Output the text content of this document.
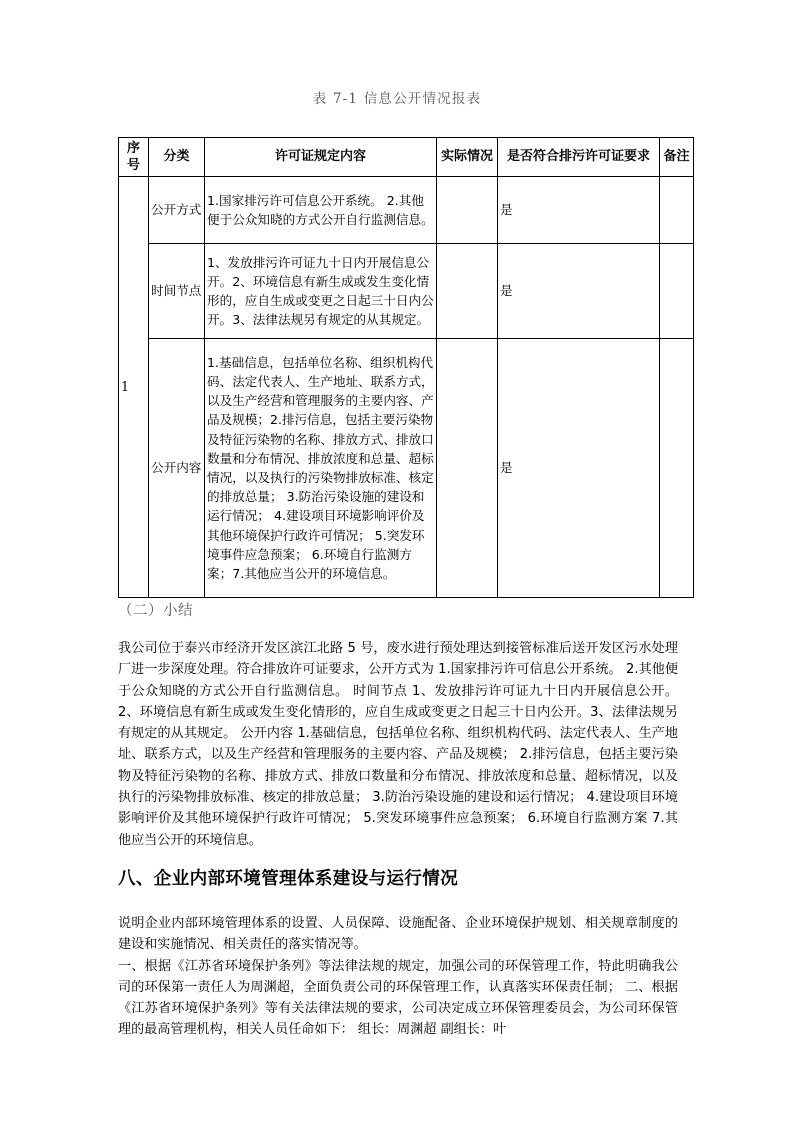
表 7-1 信息公开情况报表
序号	分类	许可证规定内容	实际情况	是否符合排污许可证要求	备注
1	公开方式	1.国家排污许可信息公开系统。 2.其他便于公众知晓的方式公开自行监测信息。		是	
	时间节点	1、发放排污许可证九十日内开展信息公开。2、环境信息有新生成或发生变化情形的，应自生成或变更之日起三十日内公开。3、法律法规另有规定的从其规定。		是	
	公开内容	1.基础信息，包括单位名称、组织机构代码、法定代表人、生产地址、联系方式，以及生产经营和管理服务的主要内容、产品及规模；2.排污信息，包括主要污染物及特征污染物的名称、排放方式、排放口数量和分布情况、排放浓度和总量、超标情况，以及执行的污染物排放标准、核定的排放总量； 3.防治污染设施的建设和运行情况； 4.建设项目环境影响评价及其他环境保护行政许可情况； 5.突发环境事件应急预案； 6.环境自行监测方案；7.其他应当公开的环境信息。		是	
（二）小结
我公司位于泰兴市经济开发区滨江北路 5 号，废水进行预处理达到接管标准后送开发区污水处理厂进一步深度处理。符合排放许可证要求，公开方式为 1.国家排污许可信息公开系统。 2.其他便于公众知晓的方式公开自行监测信息。 时间节点 1、发放排污许可证九十日内开展信息公开。2、环境信息有新生成或发生变化情形的，应自生成或变更之日起三十日内公开。3、法律法规另有规定的从其规定。 公开内容 1.基础信息，包括单位名称、组织机构代码、法定代表人、生产地址、联系方式，以及生产经营和管理服务的主要内容、产品及规模； 2.排污信息，包括主要污染物及特征污染物的名称、排放方式、排放口数量和分布情况、排放浓度和总量、超标情况，以及执行的污染物排放标准、核定的排放总量； 3.防治污染设施的建设和运行情况； 4.建设项目环境影响评价及其他环境保护行政许可情况； 5.突发环境事件应急预案； 6.环境自行监测方案 7.其他应当公开的环境信息。
八、企业内部环境管理体系建设与运行情况
说明企业内部环境管理体系的设置、人员保障、设施配备、企业环境保护规划、相关规章制度的建设和实施情况、相关责任的落实情况等。
一、根据《江苏省环境保护条列》等法律法规的规定，加强公司的环保管理工作，特此明确我公司的环保第一责任人为周渊超，全面负责公司的环保管理工作，认真落实环保责任制； 二、根据《江苏省环境保护条列》等有关法律法规的要求，公司决定成立环保管理委员会，为公司环保管理的最高管理机构，相关人员任命如下： 组长：周渊超 副组长：叶
